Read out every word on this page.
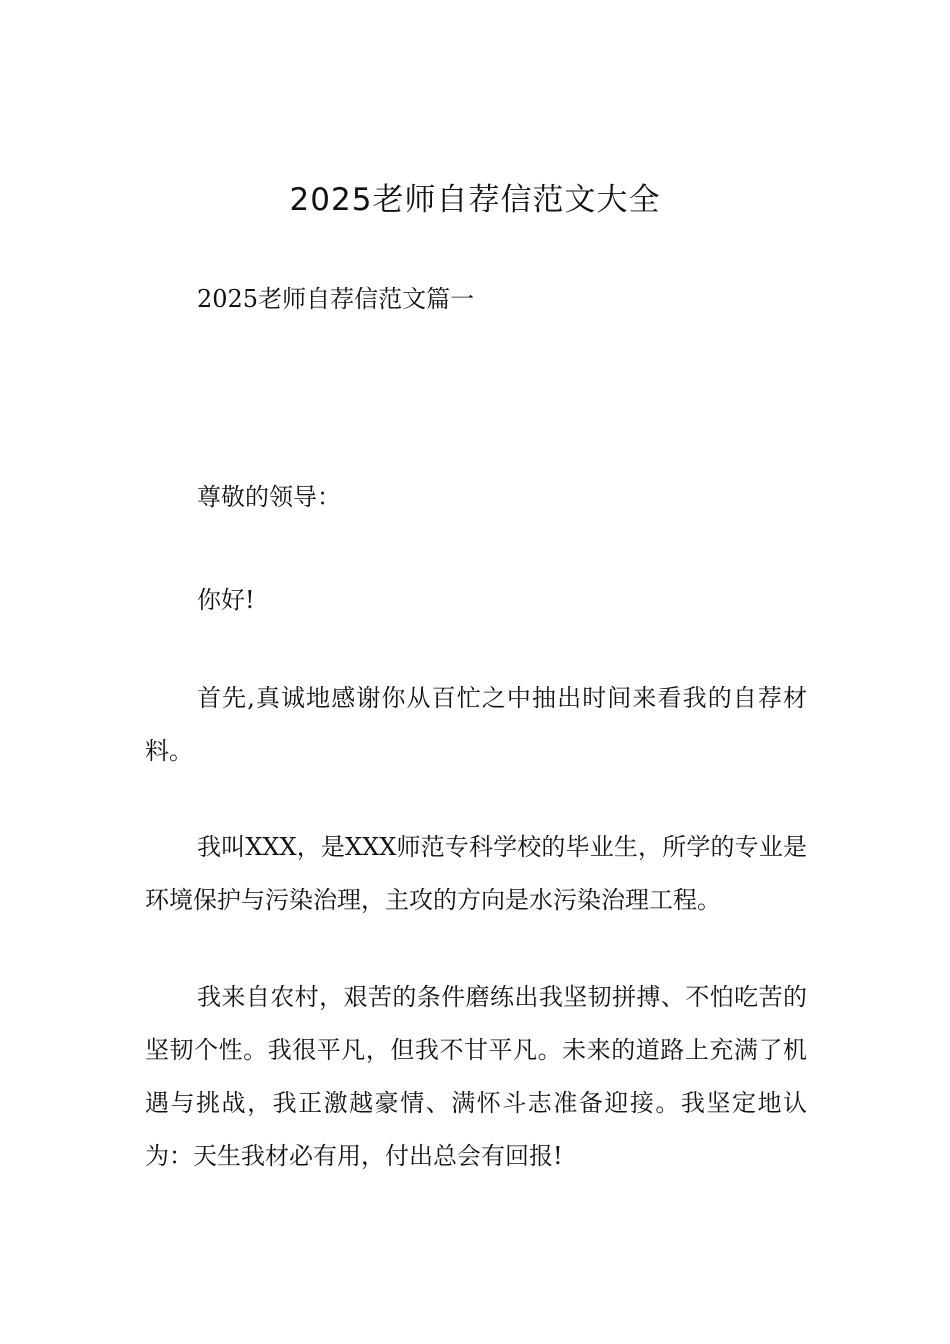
2025老师自荐信范文大全

2025老师自荐信范文篇一

尊敬的领导：

你好!

首先,真诚地感谢你从百忙之中抽出时间来看我的自荐材料。

我叫XXX，是XXX师范专科学校的毕业生，所学的专业是环境保护与污染治理，主攻的方向是水污染治理工程。

我来自农村，艰苦的条件磨练出我坚韧拼搏、不怕吃苦的坚韧个性。我很平凡，但我不甘平凡。未来的道路上充满了机遇与挑战，我正激越豪情、满怀斗志准备迎接。我坚定地认为：天生我材必有用，付出总会有回报!
